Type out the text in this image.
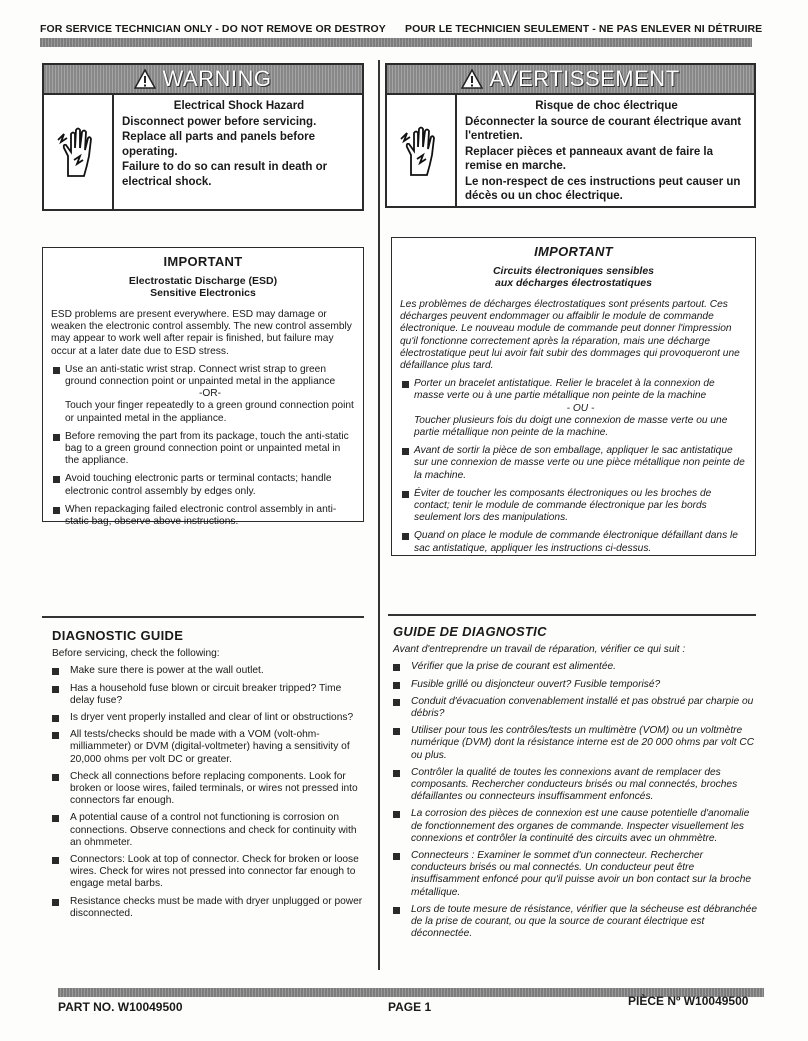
FOR SERVICE TECHNICIAN ONLY - DO NOT REMOVE OR DESTROY POUR LE TECHNICIEN SEULEMENT - NE PAS ENLEVER NI DÉTRUIRE
WARNING
Electrical Shock Hazard

Disconnect power before servicing.

Replace all parts and panels before operating.

Failure to do so can result in death or electrical shock.

AVERTISSEMENT
Risque de choc électrique

Déconnecter la source de courant électrique avant l'entretien.

Replacer pièces et panneaux avant de faire la remise en marche.

Le non-respect de ces instructions peut causer un décès ou un choc électrique.

IMPORTANT
Electrostatic Discharge (ESD)
Sensitive Electronics

ESD problems are present everywhere. ESD may damage or weaken the electronic control assembly. The new control assembly may appear to work well after repair is finished, but failure may occur at a later date due to ESD stress.

Use an anti-static wrist strap. Connect wrist strap to green ground connection point or unpainted metal in the appliance
-OR-
Touch your finger repeatedly to a green ground connection point or unpainted metal in the appliance.
Before removing the part from its package, touch the anti-static bag to a green ground connection point or unpainted metal in the appliance.
Avoid touching electronic parts or terminal contacts; handle electronic control assembly by edges only.
When repackaging failed electronic control assembly in anti-static bag, observe above instructions.
IMPORTANT
Circuits électroniques sensibles
aux décharges électrostatiques

Les problèmes de décharges électrostatiques sont présents partout. Ces décharges peuvent endommager ou affaiblir le module de commande électronique. Le nouveau module de commande peut donner l'impression qu'il fonctionne correctement après la réparation, mais une décharge électrostatique peut lui avoir fait subir des dommages qui provoqueront une défaillance plus tard.

Porter un bracelet antistatique. Relier le bracelet à la connexion de masse verte ou à une partie métallique non peinte de la machine
- OU -
Toucher plusieurs fois du doigt une connexion de masse verte ou une partie métallique non peinte de la machine.
Avant de sortir la pièce de son emballage, appliquer le sac antistatique sur une connexion de masse verte ou une pièce métallique non peinte de la machine.
Éviter de toucher les composants électroniques ou les broches de contact; tenir le module de commande électronique par les bords seulement lors des manipulations.
Quand on place le module de commande électronique défaillant dans le sac antistatique, appliquer les instructions ci-dessus.
DIAGNOSTIC GUIDE

Before servicing, check the following:

Make sure there is power at the wall outlet.
Has a household fuse blown or circuit breaker tripped? Time delay fuse?
Is dryer vent properly installed and clear of lint or obstructions?
All tests/checks should be made with a VOM (volt-ohm-milliammeter) or DVM (digital-voltmeter) having a sensitivity of 20,000 ohms per volt DC or greater.
Check all connections before replacing components. Look for broken or loose wires, failed terminals, or wires not pressed into connectors far enough.
A potential cause of a control not functioning is corrosion on connections. Observe connections and check for continuity with an ohmmeter.
Connectors: Look at top of connector. Check for broken or loose wires. Check for wires not pressed into connector far enough to engage metal barbs.
Resistance checks must be made with dryer unplugged or power disconnected.
GUIDE DE DIAGNOSTIC

Avant d'entreprendre un travail de réparation, vérifier ce qui suit :

Vérifier que la prise de courant est alimentée.
Fusible grillé ou disjoncteur ouvert? Fusible temporisé?
Conduit d'évacuation convenablement installé et pas obstrué par charpie ou débris?
Utiliser pour tous les contrôles/tests un multimètre (VOM) ou un voltmètre numérique (DVM) dont la résistance interne est de 20 000 ohms par volt CC ou plus.
Contrôler la qualité de toutes les connexions avant de remplacer des composants. Rechercher conducteurs brisés ou mal connectés, broches défaillantes ou connecteurs insuffisamment enfoncés.
La corrosion des pièces de connexion est une cause potentielle d'anomalie de fonctionnement des organes de commande. Inspecter visuellement les connexions et contrôler la continuité des circuits avec un ohmmètre.
Connecteurs : Examiner le sommet d'un connecteur. Rechercher conducteurs brisés ou mal connectés. Un conducteur peut être insuffisamment enfoncé pour qu'il puisse avoir un bon contact sur la broche métallique.
Lors de toute mesure de résistance, vérifier que la sécheuse est débranchée de la prise de courant, ou que la source de courant électrique est déconnectée.
PART NO. W10049500	PAGE 1	PIÈCE Nº W10049500
